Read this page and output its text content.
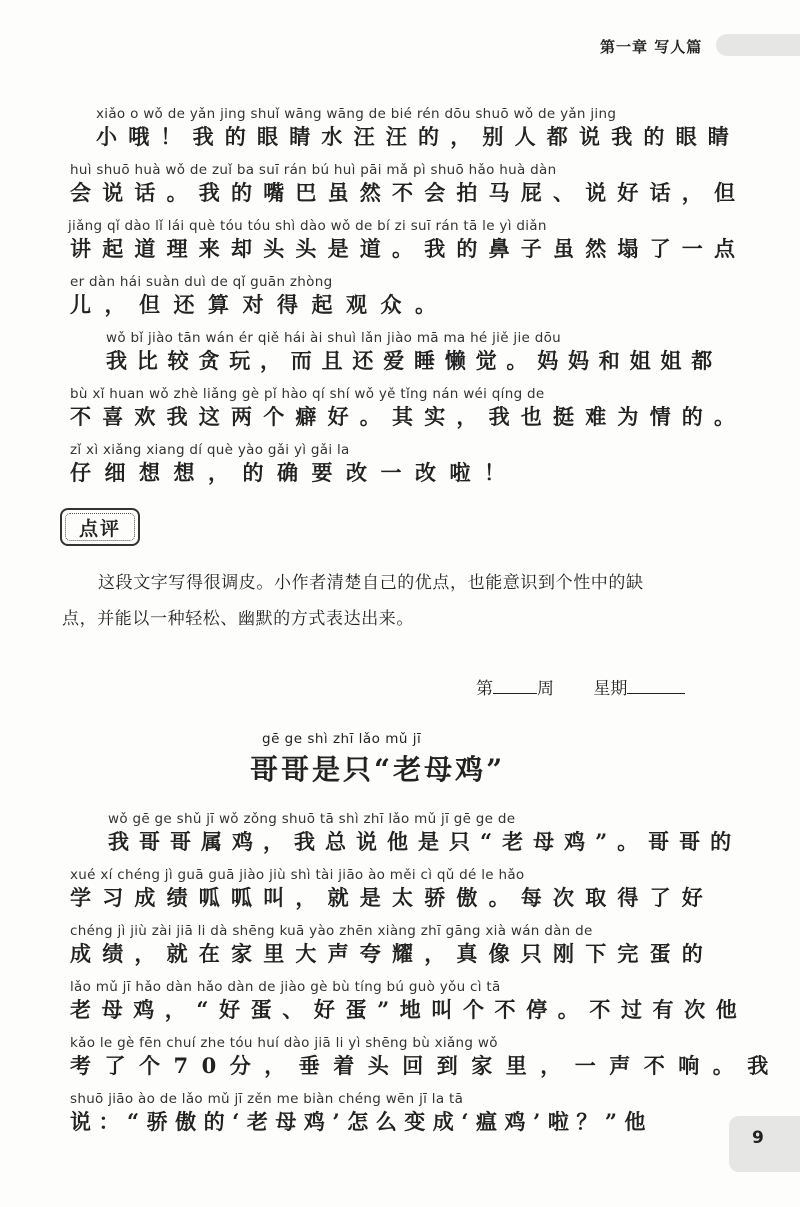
第一章 写人篇
xiǎo o wǒ de yǎn jing shuǐ wāng wāng de bié rén dōu shuō wǒ de yǎn jing
小哦！我的眼睛水汪汪的，别人都说我的眼睛
huì shuō huà wǒ de zuǐ ba suī rán bú huì pāi mǎ pì shuō hǎo huà dàn
会说话。我的嘴巴虽然不会拍马屁、说好话，但
jiǎng qǐ dào lǐ lái què tóu tóu shì dào wǒ de bí zi suī rán tā le yì diǎn
讲起道理来却头头是道。我的鼻子虽然塌了一点
er dàn hái suàn duì de qǐ guān zhòng
儿，但还算对得起观众。
wǒ bǐ jiào tān wán ér qiě hái ài shuì lǎn jiào mā ma hé jiě jie dōu
我比较贪玩，而且还爱睡懒觉。妈妈和姐姐都
bù xǐ huan wǒ zhè liǎng gè pǐ hào qí shí wǒ yě tǐng nán wéi qíng de
不喜欢我这两个癖好。其实，我也挺难为情的。
zǐ xì xiǎng xiang dí què yào gǎi yì gǎi la
仔细想想，的确要改一改啦！
点评
这段文字写得很调皮。小作者清楚自己的优点，也能意识到个性中的缺
点，并能以一种轻松、幽默的方式表达出来。
第	周 星期
gē ge shì zhī lǎo mǔ jī
哥哥是只“老母鸡”
wǒ gē ge shǔ jī wǒ zǒng shuō tā shì zhī lǎo mǔ jī gē ge de
我哥哥属鸡，我总说他是只“老母鸡”。哥哥的
xué xí chéng jì guā guā jiào jiù shì tài jiāo ào měi cì qǔ dé le hǎo
学习成绩呱呱叫，就是太骄傲。每次取得了好
chéng jì jiù zài jiā li dà shēng kuā yào zhēn xiàng zhī gāng xià wán dàn de
成绩，就在家里大声夸耀，真像只刚下完蛋的
lǎo mǔ jī hǎo dàn hǎo dàn de jiào gè bù tíng bú guò yǒu cì tā
老母鸡，“好蛋、好蛋”地叫个不停。不过有次他
kǎo le gè fēn chuí zhe tóu huí dào jiā li yì shēng bù xiǎng wǒ
考了个70分，垂着头回到家里，一声不响。我
shuō jiāo ào de lǎo mǔ jī zěn me biàn chéng wēn jī la tā
说：“骄傲的‘老母鸡’怎么变成‘瘟鸡’啦？”他
9
